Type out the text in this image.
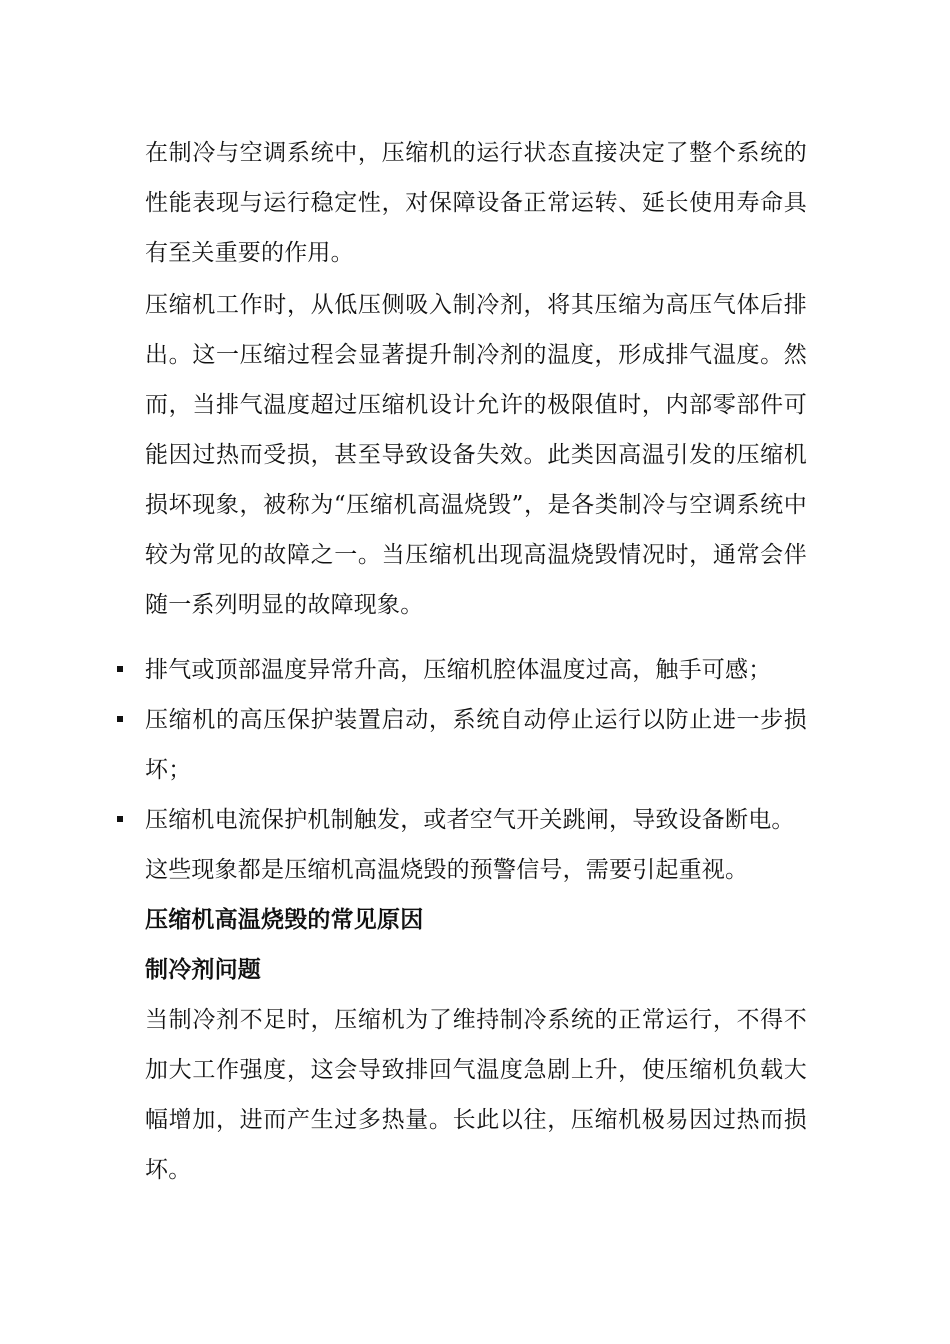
在制冷与空调系统中，压缩机的运行状态直接决定了整个系统的性能表现与运行稳定性，对保障设备正常运转、延长使用寿命具有至关重要的作用。

压缩机工作时，从低压侧吸入制冷剂，将其压缩为高压气体后排出。这一压缩过程会显著提升制冷剂的温度，形成排气温度。然而，当排气温度超过压缩机设计允许的极限值时，内部零部件可能因过热而受损，甚至导致设备失效。此类因高温引发的压缩机损坏现象，被称为“压缩机高温烧毁”，是各类制冷与空调系统中较为常见的故障之一。当压缩机出现高温烧毁情况时，通常会伴随一系列明显的故障现象。

排气或顶部温度异常升高，压缩机腔体温度过高，触手可感；
压缩机的高压保护装置启动，系统自动停止运行以防止进一步损坏；
压缩机电流保护机制触发，或者空气开关跳闸，导致设备断电。

这些现象都是压缩机高温烧毁的预警信号，需要引起重视。

压缩机高温烧毁的常见原因
制冷剂问题

当制冷剂不足时，压缩机为了维持制冷系统的正常运行，不得不加大工作强度，这会导致排回气温度急剧上升，使压缩机负载大幅增加，进而产生过多热量。长此以往，压缩机极易因过热而损坏。
